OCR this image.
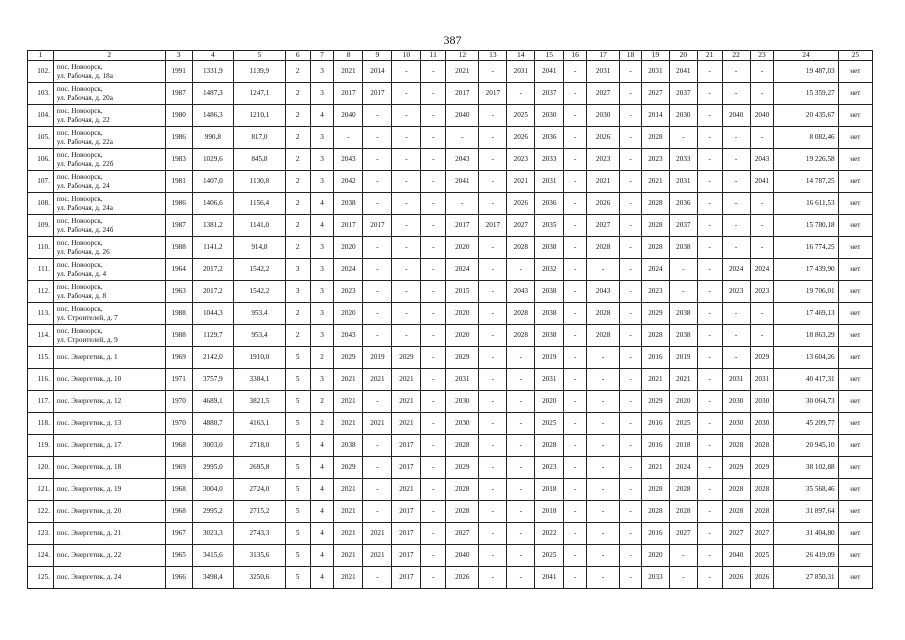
387
1	2	3	4	5	6	7	8	9	10	11	12	13	14	15	16	17	18	19	20	21	22	23	24	25
102.	пос. Новоорск,
ул. Рабочая, д. 18а	1991	1331,9	1139,9	2	3	2021	2014	-	-	2021	-	2031	2041	-	2031	-	2031	2041	-	-	-	19 487,03	нет
103.	пос. Новоорск,
ул. Рабочая, д. 20а	1987	1487,3	1247,1	2	3	2017	2017	-	-	2017	2017	-	2037	-	2027	-	2027	2037	-	-	-	15 359,27	нет
104.	пос. Новоорск,
ул. Рабочая, д. 22	1980	1486,3	1210,1	2	4	2040	-	-	-	2040	-	2025	2030	-	2030	-	2014	2030	-	2040	2040	20 435,67	нет
105.	пос. Новоорск,
ул. Рабочая, д. 22а	1986	990,8	817,0	2	3	-	-	-	-	-	-	2026	2036	-	2026	-	2028	-	-	-	-	8 082,46	нет
106.	пос. Новоорск,
ул. Рабочая, д. 22б	1983	1029,6	845,8	2	3	2043	-	-	-	2043	-	2023	2033	-	2023	-	2023	2033	-	-	2043	19 226,58	нет
107.	пос. Новоорск,
ул. Рабочая, д. 24	1981	1407,0	1130,8	2	3	2042	-	-	-	2041	-	2021	2031	-	2021	-	2021	2031	-	-	2041	14 787,25	нет
108.	пос. Новоорск,
ул. Рабочая, д. 24а	1986	1406,6	1156,4	2	4	2038	-	-	-	-	-	2026	2036	-	2026	-	2028	2036	-	-	-	16 611,53	нет
109.	пос. Новоорск,
ул. Рабочая, д. 24б	1987	1381,2	1141,0	2	4	2017	2017	-	-	2017	2017	2027	2035	-	2027	-	2028	2037	-	-	-	15 780,18	нет
110.	пос. Новоорск,
ул. Рабочая, д. 26	1988	1141,2	914,8	2	3	2020	-	-	-	2020	-	2028	2038	-	2028	-	2028	2038	-	-	-	16 774,25	нет
111.	пос. Новоорск,
ул. Рабочая, д. 4	1964	2017,2	1542,2	3	3	2024	-	-	-	2024	-	-	2032	-	-	-	2024	-	-	2024	2024	17 439,90	нет
112.	пос. Новоорск,
ул. Рабочая, д. 8	1963	2017,2	1542,2	3	3	2023	-	-	-	2015	-	2043	2038	-	2043	-	2023	-	-	2023	2023	19 706,01	нет
113.	пос. Новоорск,
ул. Строителей, д. 7	1988	1044,3	953,4	2	3	2020	-	-	-	2020	-	2028	2038	-	2028	-	2029	2038	-	-	-	17 469,13	нет
114.	пос. Новоорск,
ул. Строителей, д. 9	1988	1129,7	953,4	2	3	2043	-	-	-	2020	-	2028	2038	-	2028	-	2028	2038	-	-	-	18 863,29	нет
115.	пос. Энергетик, д. 1	1969	2142,0	1910,0	5	2	2029	2019	2029	-	2029	-	-	2019	-	-	-	2016	2019	-	-	2029	13 604,26	нет
116.	пос. Энергетик, д. 10	1971	3757,9	3384,1	5	3	2021	2021	2021	-	2031	-	-	2031	-	-	-	2021	2021	-	2031	2031	40 417,31	нет
117.	пос. Энергетик, д. 12	1970	4689,1	3821,5	5	2	2021	-	2021	-	2030	-	-	2020	-	-	-	2029	2020	-	2030	2030	30 064,73	нет
118.	пос. Энергетик, д. 13	1970	4880,7	4163,1	5	2	2021	2021	2021	-	2030	-	-	2025	-	-	-	2016	2025	-	2030	2030	45 209,77	нет
119.	пос. Энергетик, д. 17	1968	3003,0	2718,0	5	4	2038	-	2017	-	2028	-	-	2028	-	-	-	2016	2018	-	2028	2028	20 945,10	нет
120.	пос. Энергетик, д. 18	1969	2995,0	2695,8	5	4	2029	-	2017	-	2029	-	-	2023	-	-	-	2021	2024	-	2029	2029	38 102,88	нет
121.	пос. Энергетик, д. 19	1968	3004,0	2724,0	5	4	2021	-	2021	-	2028	-	-	2018	-	-	-	2028	2028	-	2028	2028	35 568,46	нет
122.	пос. Энергетик, д. 20	1968	2995,2	2715,2	5	4	2021	-	2017	-	2028	-	-	2018	-	-	-	2028	2028	-	2028	2028	31 897,64	нет
123.	пос. Энергетик, д. 21	1967	3023,3	2743,3	5	4	2021	2021	2017	-	2027	-	-	2022	-	-	-	2016	2027	-	2027	2027	31 404,80	нет
124.	пос. Энергетик, д. 22	1965	3415,6	3135,6	5	4	2021	2021	2017	-	2040	-	-	2025	-	-	-	2020	-	-	2040	2025	26 419,09	нет
125.	пос. Энергетик, д. 24	1966	3498,4	3250,6	5	4	2021	-	2017	-	2026	-	-	2041	-	-	-	2033	-	-	2026	2026	27 850,31	нет
